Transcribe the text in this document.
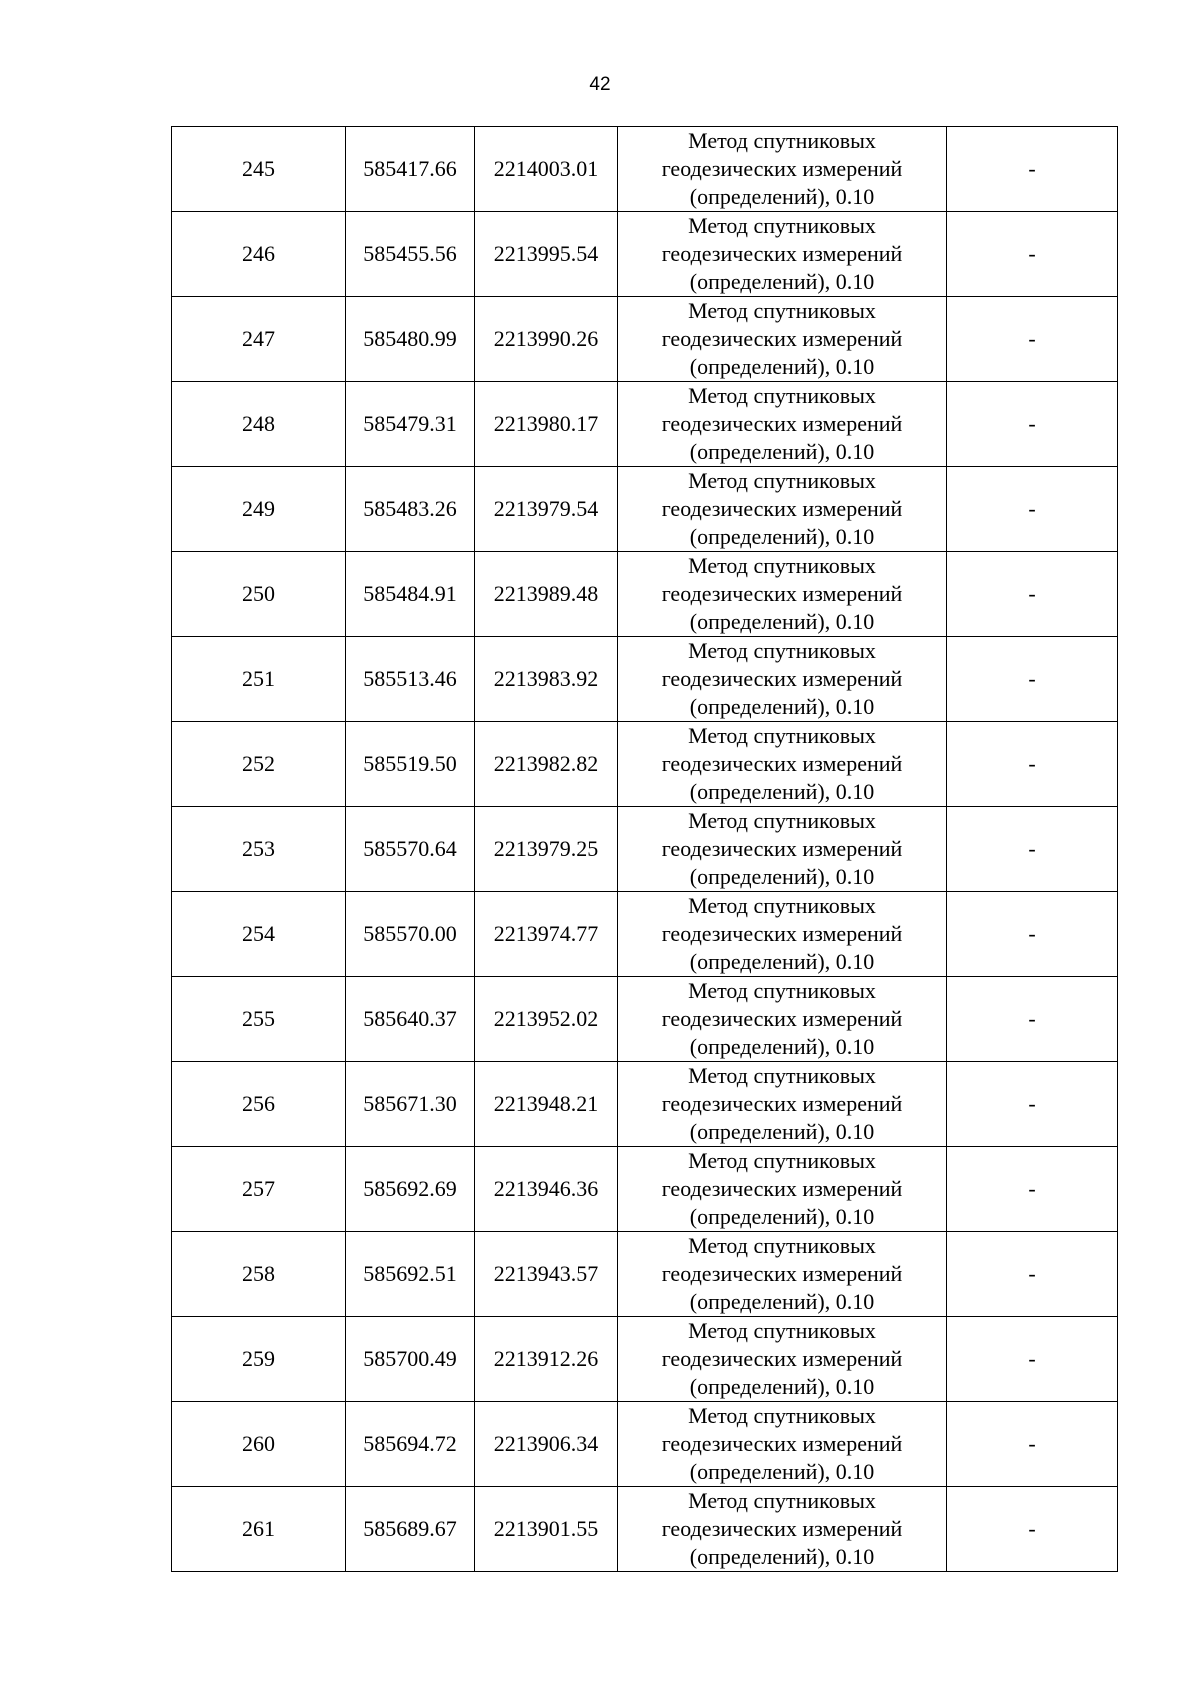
42
245	585417.66	2214003.01	Метод спутниковых
геодезических измерений
(определений), 0.10	-
246	585455.56	2213995.54	Метод спутниковых
геодезических измерений
(определений), 0.10	-
247	585480.99	2213990.26	Метод спутниковых
геодезических измерений
(определений), 0.10	-
248	585479.31	2213980.17	Метод спутниковых
геодезических измерений
(определений), 0.10	-
249	585483.26	2213979.54	Метод спутниковых
геодезических измерений
(определений), 0.10	-
250	585484.91	2213989.48	Метод спутниковых
геодезических измерений
(определений), 0.10	-
251	585513.46	2213983.92	Метод спутниковых
геодезических измерений
(определений), 0.10	-
252	585519.50	2213982.82	Метод спутниковых
геодезических измерений
(определений), 0.10	-
253	585570.64	2213979.25	Метод спутниковых
геодезических измерений
(определений), 0.10	-
254	585570.00	2213974.77	Метод спутниковых
геодезических измерений
(определений), 0.10	-
255	585640.37	2213952.02	Метод спутниковых
геодезических измерений
(определений), 0.10	-
256	585671.30	2213948.21	Метод спутниковых
геодезических измерений
(определений), 0.10	-
257	585692.69	2213946.36	Метод спутниковых
геодезических измерений
(определений), 0.10	-
258	585692.51	2213943.57	Метод спутниковых
геодезических измерений
(определений), 0.10	-
259	585700.49	2213912.26	Метод спутниковых
геодезических измерений
(определений), 0.10	-
260	585694.72	2213906.34	Метод спутниковых
геодезических измерений
(определений), 0.10	-
261	585689.67	2213901.55	Метод спутниковых
геодезических измерений
(определений), 0.10	-
